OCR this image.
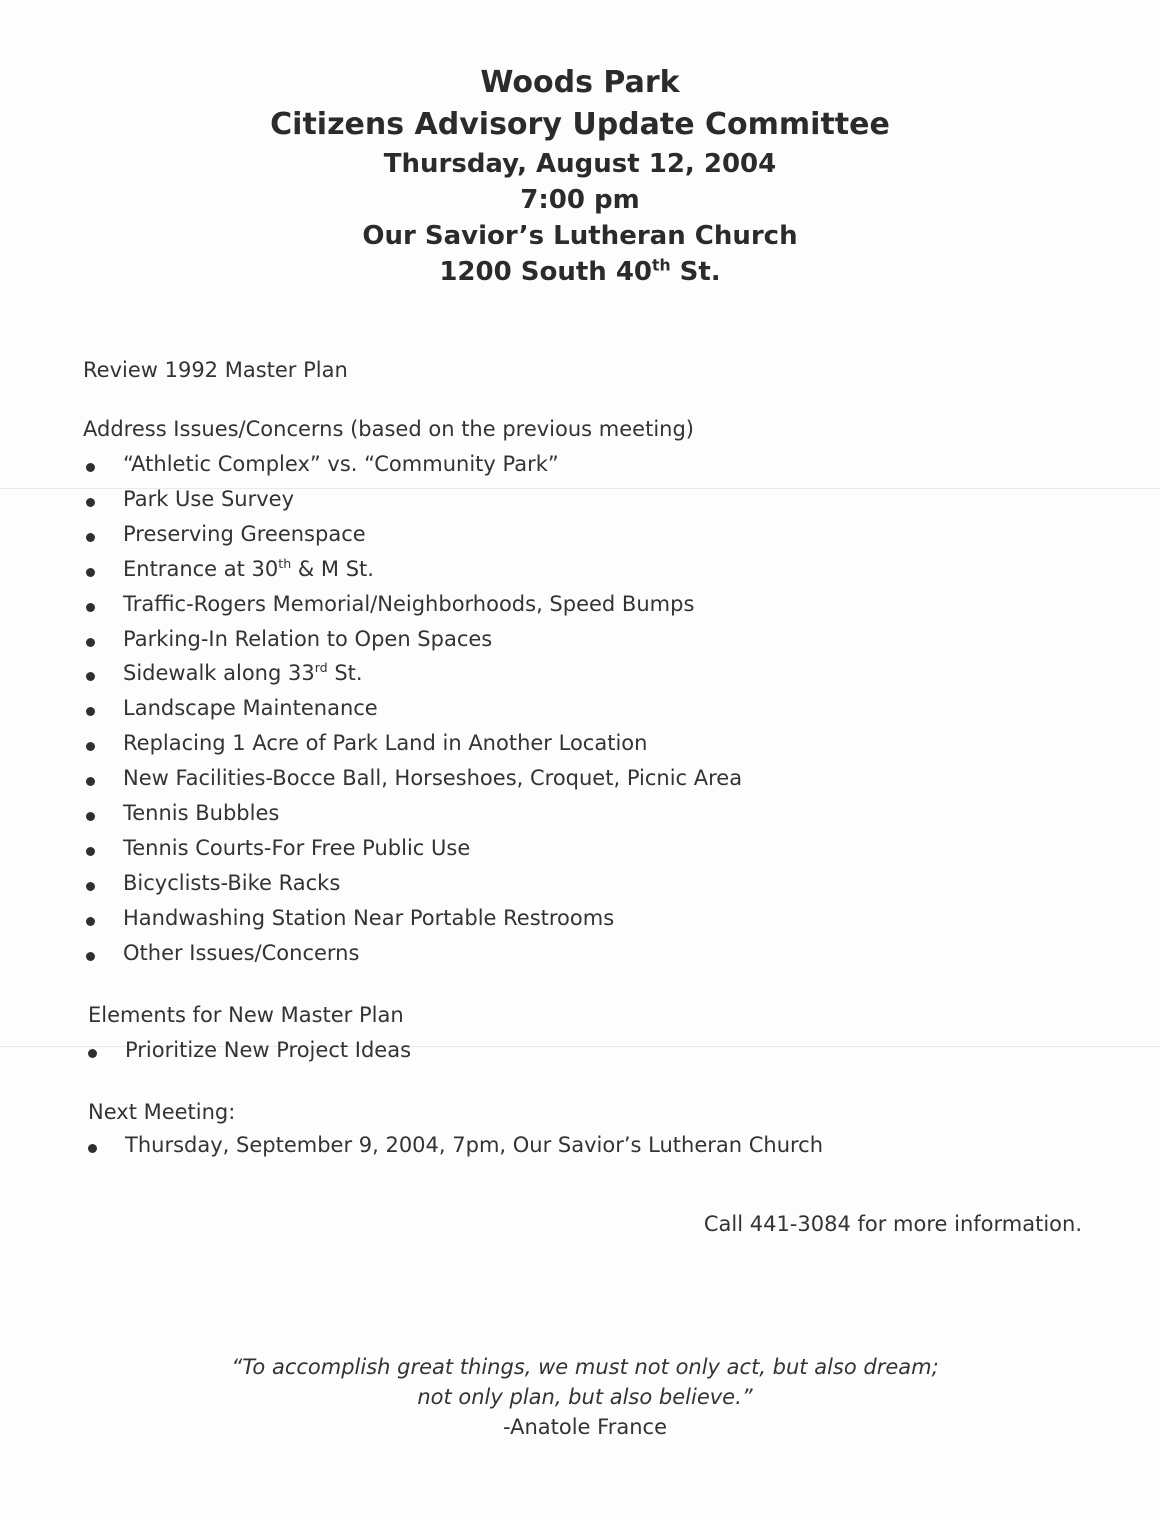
Woods Park
Citizens Advisory Update Committee
Thursday, August 12, 2004
7:00 pm
Our Savior’s Lutheran Church
1200 South 40th St.
Review 1992 Master Plan
Address Issues/Concerns (based on the previous meeting)
“Athletic Complex” vs. “Community Park”
Park Use Survey
Preserving Greenspace
Entrance at 30th & M St.
Traffic-Rogers Memorial/Neighborhoods, Speed Bumps
Parking-In Relation to Open Spaces
Sidewalk along 33rd St.
Landscape Maintenance
Replacing 1 Acre of Park Land in Another Location
New Facilities-Bocce Ball, Horseshoes, Croquet, Picnic Area
Tennis Bubbles
Tennis Courts-For Free Public Use
Bicyclists-Bike Racks
Handwashing Station Near Portable Restrooms
Other Issues/Concerns
Elements for New Master Plan
Prioritize New Project Ideas
Next Meeting:
Thursday, September 9, 2004, 7pm, Our Savior’s Lutheran Church
Call 441-3084 for more information.
“To accomplish great things, we must not only act, but also dream;
not only plan, but also believe.”
-Anatole France
